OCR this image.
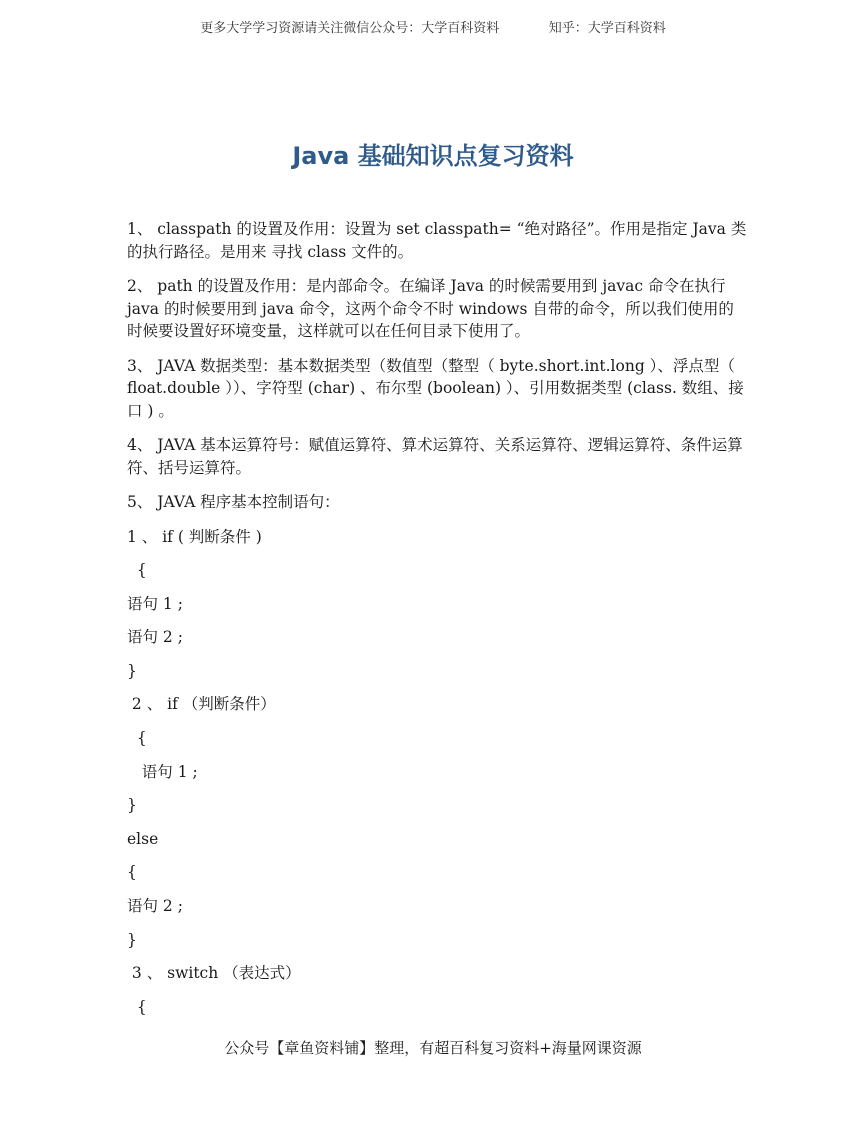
更多大学学习资源请关注微信公众号：大学百科资料	知乎：大学百科资料
Java 基础知识点复习资料

1、 classpath 的设置及作用：设置为 set classpath= “绝对路径”。作用是指定 Java 类的执行路径。是用来 寻找 class 文件的。

2、 path 的设置及作用：是内部命令。在编译 Java 的时候需要用到 javac 命令在执行 java 的时候要用到 java 命令，这两个命令不时 windows 自带的命令，所以我们使用的时候要设置好环境变量，这样就可以在任何目录下使用了。

3、 JAVA 数据类型：基本数据类型（数值型（整型（ byte.short.int.long ）、浮点型（ float.double ））、字符型 (char) 、布尔型 (boolean) ）、引用数据类型 (class. 数组、接口 ) 。

4、 JAVA 基本运算符号：赋值运算符、算术运算符、关系运算符、逻辑运算符、条件运算符、括号运算符。

5、 JAVA 程序基本控制语句：

1 、 if ( 判断条件 )

{

语句 1 ;

语句 2 ;

}

2 、 if （判断条件）

{

语句 1 ;

}

else

{

语句 2 ;

}

3 、 switch （表达式）

{

公众号【章鱼资料铺】整理，有超百科复习资料+海量网课资源
